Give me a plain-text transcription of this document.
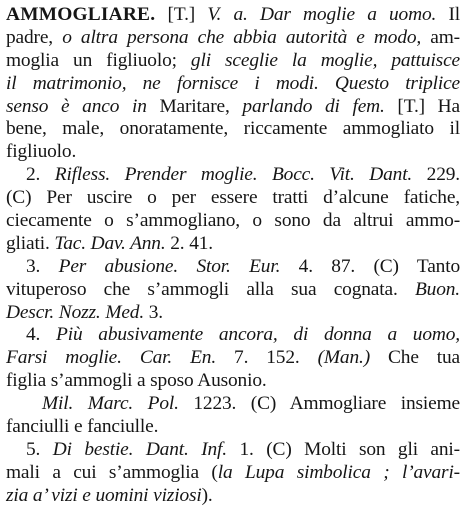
AMMOGLIARE. [T.] V. a. Dar moglie a uomo. Il
padre, o altra persona che abbia autorità e modo, am-
moglia un figliuolo; gli sceglie la moglie, pattuisce
il matrimonio, ne fornisce i modi. Questo triplice
senso è anco in Maritare, parlando di fem. [T.] Ha
bene, male, onoratamente, riccamente ammogliato il
figliuolo.
2. Rifless. Prender moglie. Bocc. Vit. Dant. 229.
(C) Per uscire o per essere tratti d’alcune fatiche,
ciecamente o s’ammogliano, o sono da altrui ammo-
gliati. Tac. Dav. Ann. 2. 41.
3. Per abusione. Stor. Eur. 4. 87. (C) Tanto
vituperoso che s’ammogli alla sua cognata. Buon.
Descr. Nozz. Med. 3.
4. Più abusivamente ancora, di donna a uomo,
Farsi moglie. Car. En. 7. 152. (Man.) Che tua
figlia s’ammogli a sposo Ausonio.
Mil. Marc. Pol. 1223. (C) Ammogliare insieme
fanciulli e fanciulle.
5. Di bestie. Dant. Inf. 1. (C) Molti son gli ani-
mali a cui s’ammoglia (la Lupa simbolica ; l’avari-
zia a’ vizi e uomini viziosi).
